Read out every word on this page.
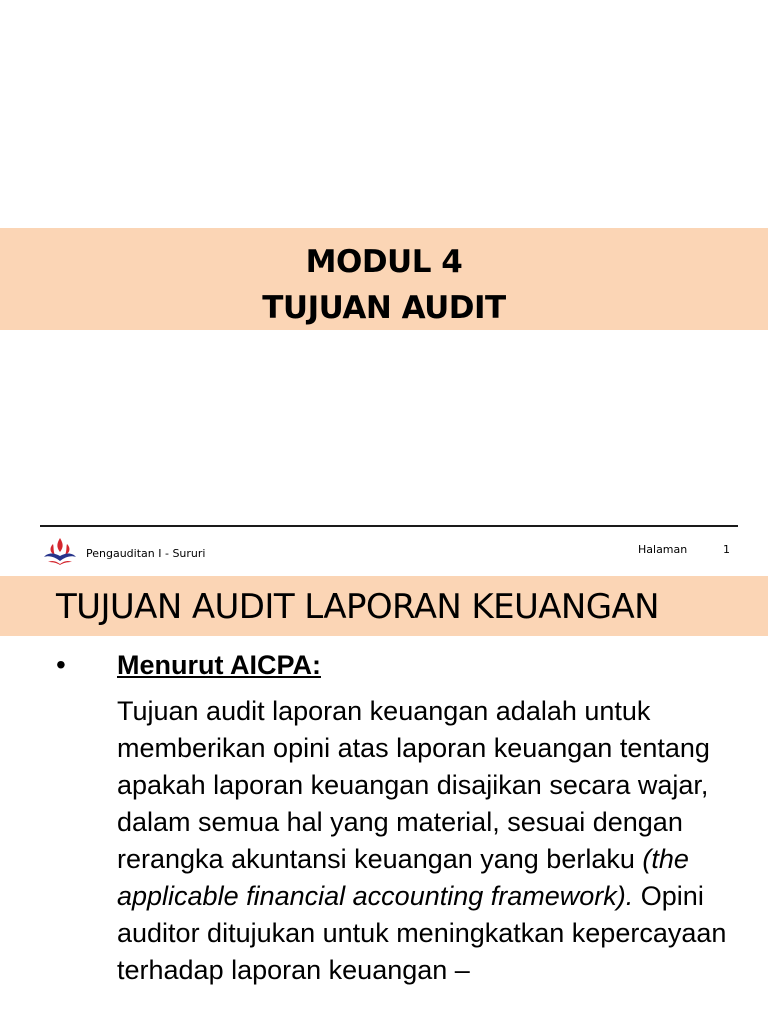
MODUL 4
TUJUAN AUDIT
Pengauditan I - Sururi	Halaman	1
TUJUAN AUDIT LAPORAN KEUANGAN
• Menurut AICPA:

Tujuan audit laporan keuangan adalah untuk memberikan opini atas laporan keuangan tentang apakah laporan keuangan disajikan secara wajar, dalam semua hal yang material, sesuai dengan rerangka akuntansi keuangan yang berlaku (the applicable financial accounting framework). Opini auditor ditujukan untuk meningkatkan kepercayaan terhadap laporan keuangan –
